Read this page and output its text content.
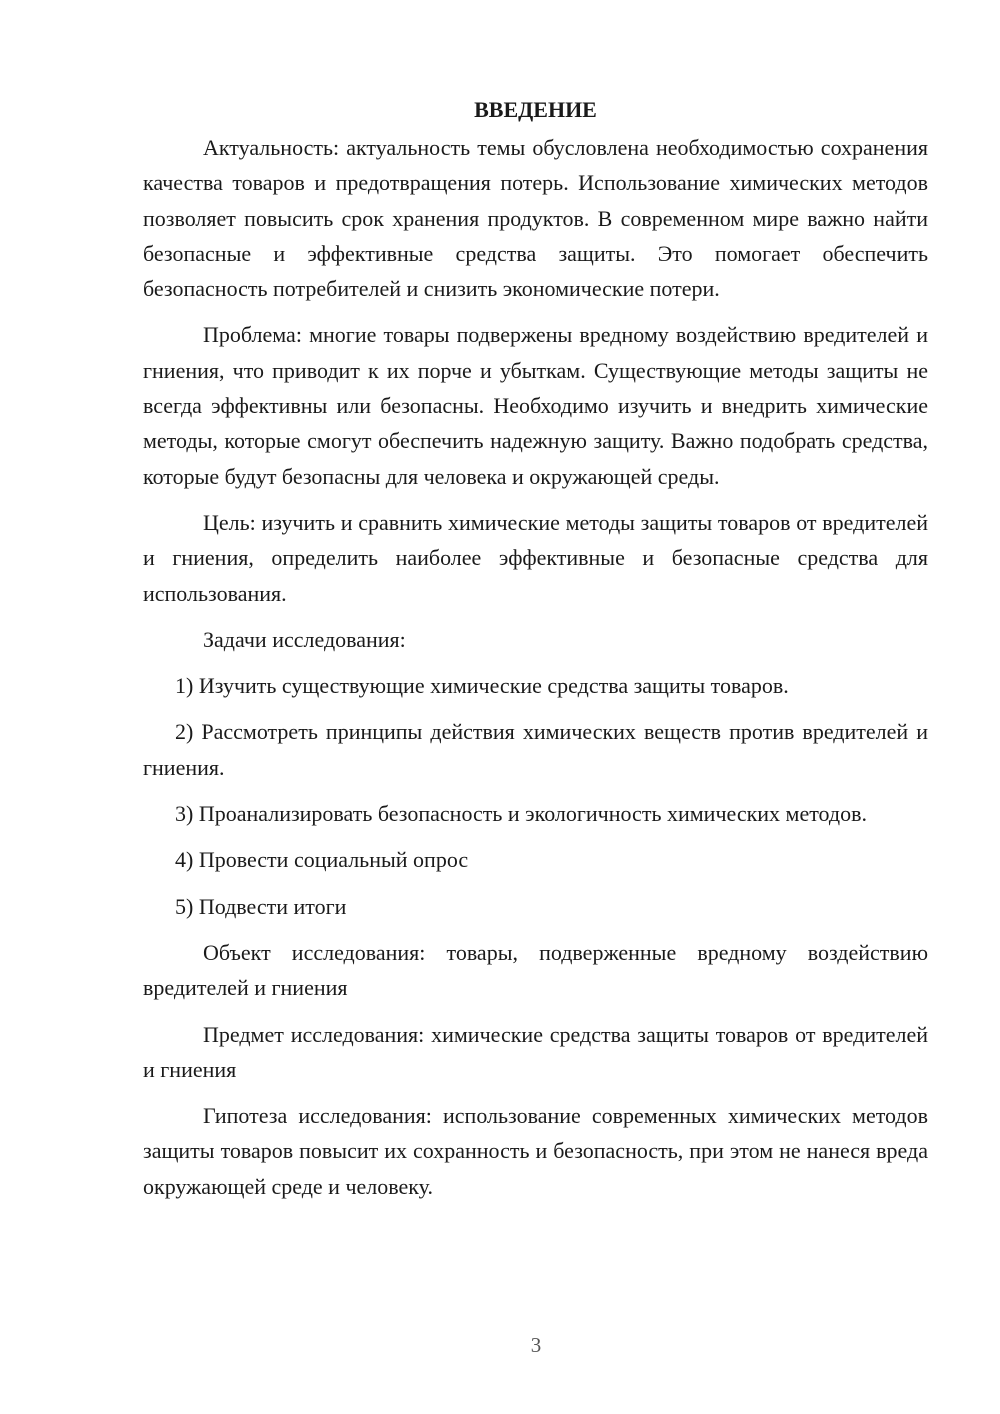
ВВЕДЕНИЕ

Актуальность: актуальность темы обусловлена необходимостью сохранения качества товаров и предотвращения потерь. Использование химических методов позволяет повысить срок хранения продуктов. В современном мире важно найти безопасные и эффективные средства защиты. Это помогает обеспечить безопасность потребителей и снизить экономические потери.

Проблема: многие товары подвержены вредному воздействию вредителей и гниения, что приводит к их порче и убыткам. Существующие методы защиты не всегда эффективны или безопасны. Необходимо изучить и внедрить химические методы, которые смогут обеспечить надежную защиту. Важно подобрать средства, которые будут безопасны для человека и окружающей среды.

Цель: изучить и сравнить химические методы защиты товаров от вредителей и гниения, определить наиболее эффективные и безопасные средства для использования.

Задачи исследования:

1) Изучить существующие химические средства защиты товаров.

2) Рассмотреть принципы действия химических веществ против вредителей и гниения.

3) Проанализировать безопасность и экологичность химических методов.

4) Провести социальный опрос

5) Подвести итоги

Объект исследования: товары, подверженные вредному воздействию вредителей и гниения

Предмет исследования: химические средства защиты товаров от вредителей и гниения

Гипотеза исследования: использование современных химических методов защиты товаров повысит их сохранность и безопасность, при этом не нанеся вреда окружающей среде и человеку.

3
